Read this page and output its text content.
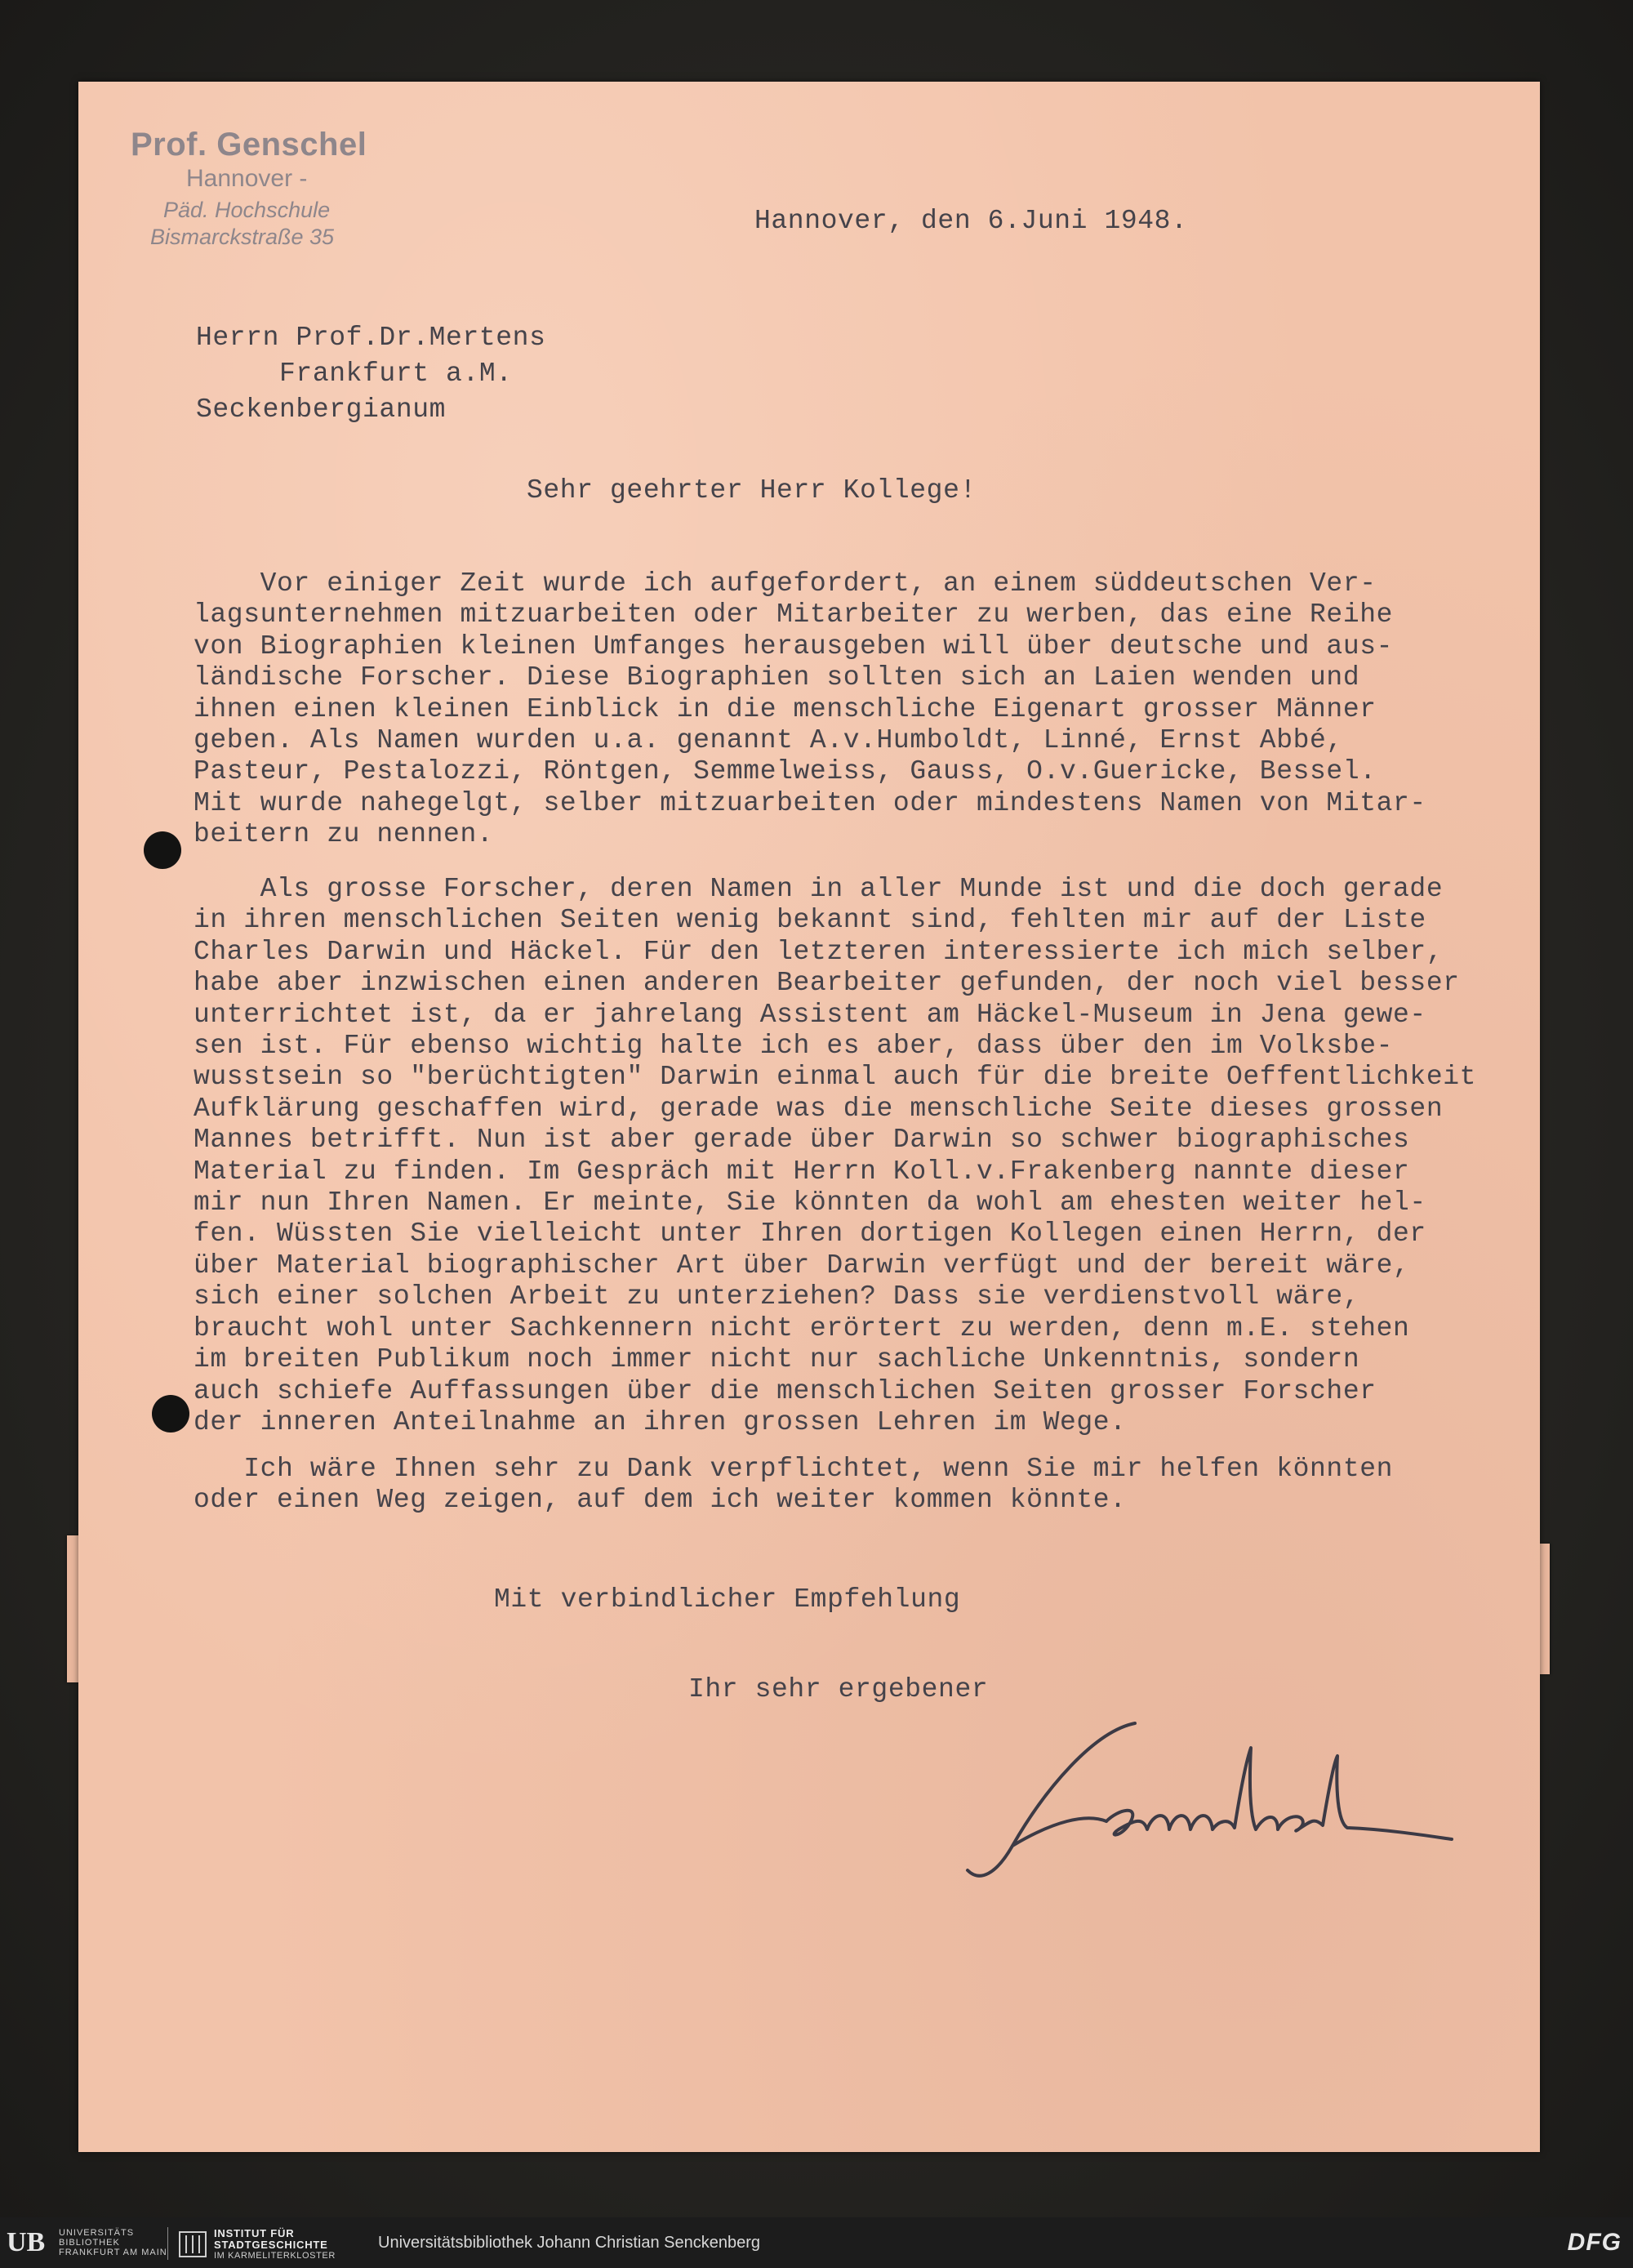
Prof. Genschel
Hannover -
Päd. Hochschule
Bismarckstraße 35
Hannover, den 6.Juni 1948.
Herrn Prof.Dr.Mertens
Frankfurt a.M.
Seckenbergianum
Sehr geehrter Herr Kollege!
Vor einiger Zeit wurde ich aufgefordert, an einem süddeutschen Ver-
lagsunternehmen mitzuarbeiten oder Mitarbeiter zu werben, das eine Reihe
von Biographien kleinen Umfanges herausgeben will über deutsche und aus-
ländische Forscher. Diese Biographien sollten sich an Laien wenden und
ihnen einen kleinen Einblick in die menschliche Eigenart grosser Männer
geben. Als Namen wurden u.a. genannt A.v.Humboldt, Linné, Ernst Abbé,
Pasteur, Pestalozzi, Röntgen, Semmelweiss, Gauss, O.v.Guericke, Bessel.
Mit wurde nahegelgt, selber mitzuarbeiten oder mindestens Namen von Mitar-
beitern zu nennen.
Als grosse Forscher, deren Namen in aller Munde ist und die doch gerade
in ihren menschlichen Seiten wenig bekannt sind, fehlten mir auf der Liste
Charles Darwin und Häckel. Für den letzteren interessierte ich mich selber,
habe aber inzwischen einen anderen Bearbeiter gefunden, der noch viel besser
unterrichtet ist, da er jahrelang Assistent am Häckel-Museum in Jena gewe-
sen ist. Für ebenso wichtig halte ich es aber, dass über den im Volksbe-
wusstsein so "berüchtigten" Darwin einmal auch für die breite Oeffentlichkeit
Aufklärung geschaffen wird, gerade was die menschliche Seite dieses grossen
Mannes betrifft. Nun ist aber gerade über Darwin so schwer biographisches
Material zu finden. Im Gespräch mit Herrn Koll.v.Frakenberg nannte dieser
mir nun Ihren Namen. Er meinte, Sie könnten da wohl am ehesten weiter hel-
fen. Wüssten Sie vielleicht unter Ihren dortigen Kollegen einen Herrn, der
über Material biographischer Art über Darwin verfügt und der bereit wäre,
sich einer solchen Arbeit zu unterziehen? Dass sie verdienstvoll wäre,
braucht wohl unter Sachkennern nicht erörtert zu werden, denn m.E. stehen
im breiten Publikum noch immer nicht nur sachliche Unkenntnis, sondern
auch schiefe Auffassungen über die menschlichen Seiten grosser Forscher
der inneren Anteilnahme an ihren grossen Lehren im Wege.
Ich wäre Ihnen sehr zu Dank verpflichtet, wenn Sie mir helfen könnten
oder einen Weg zeigen, auf dem ich weiter kommen könnte.
Mit verbindlicher Empfehlung
Ihr sehr ergebener
UB UNIVERSITÄTS
BIBLIOTHEK
FRANKFURT AM MAIN
INSTITUT FÜR
STADTGESCHICHTE
IM KARMELITERKLOSTER
Universitätsbibliothek Johann Christian Senckenberg	DFG
